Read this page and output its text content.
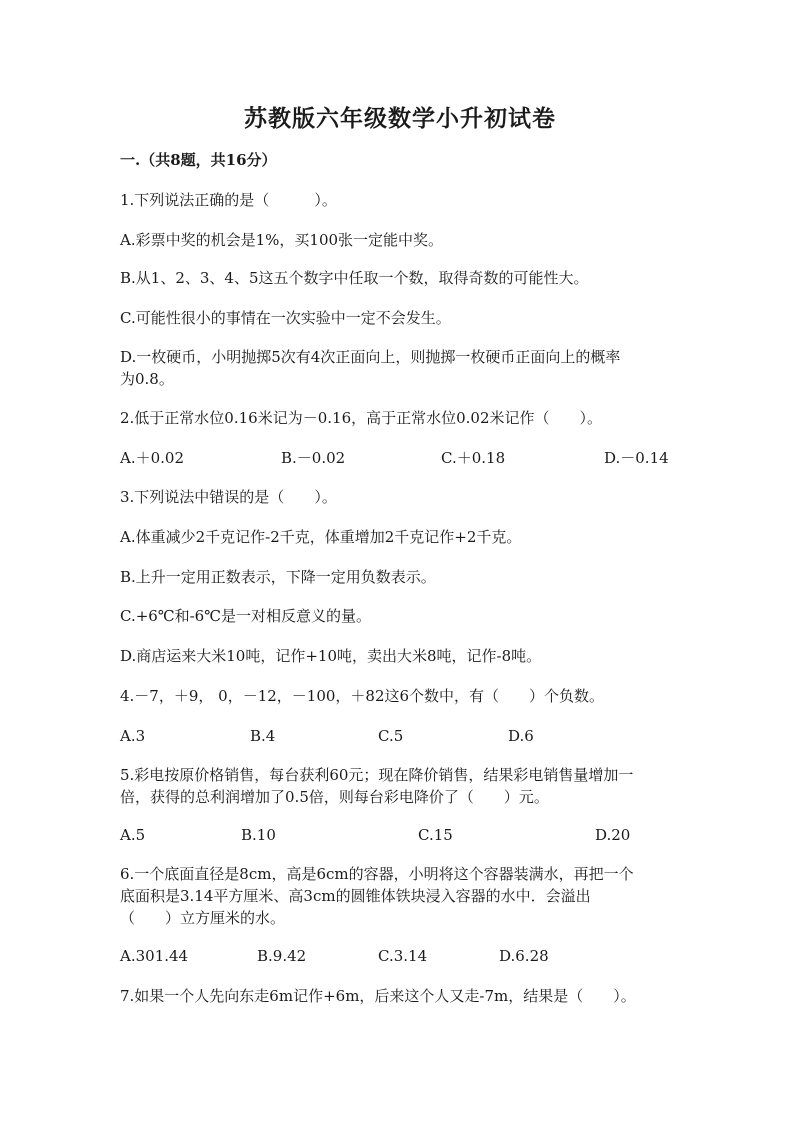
苏教版六年级数学小升初试卷
一.（共8题，共16分）
1.下列说法正确的是（　　　）。
A.彩票中奖的机会是1%，买100张一定能中奖。
B.从1、2、3、4、5这五个数字中任取一个数，取得奇数的可能性大。
C.可能性很小的事情在一次实验中一定不会发生。
D.一枚硬币，小明抛掷5次有4次正面向上，则抛掷一枚硬币正面向上的概率
为0.8。
2.低于正常水位0.16米记为－0.16，高于正常水位0.02米记作（　　）。
A.＋0.02	B.－0.02	C.＋0.18	D.－0.14
3.下列说法中错误的是（　　）。
A.体重减少2千克记作-2千克，体重增加2千克记作+2千克。
B.上升一定用正数表示，下降一定用负数表示。
C.+6℃和-6℃是一对相反意义的量。
D.商店运来大米10吨，记作+10吨，卖出大米8吨，记作-8吨。
4.－7，＋9， 0，－12，－100，＋82这6个数中，有（　　）个负数。
A.3	B.4	C.5	D.6
5.彩电按原价格销售，每台获利60元；现在降价销售，结果彩电销售量增加一
倍，获得的总利润增加了0.5倍，则每台彩电降价了（　　）元。
A.5	B.10	C.15	D.20
6.一个底面直径是8cm，高是6cm的容器，小明将这个容器装满水，再把一个
底面积是3.14平方厘米、高3cm的圆锥体铁块浸入容器的水中．会溢出
（　　）立方厘米的水。
A.301.44	B.9.42	C.3.14	D.6.28
7.如果一个人先向东走6m记作+6m，后来这个人又走-7m，结果是（　　）。
